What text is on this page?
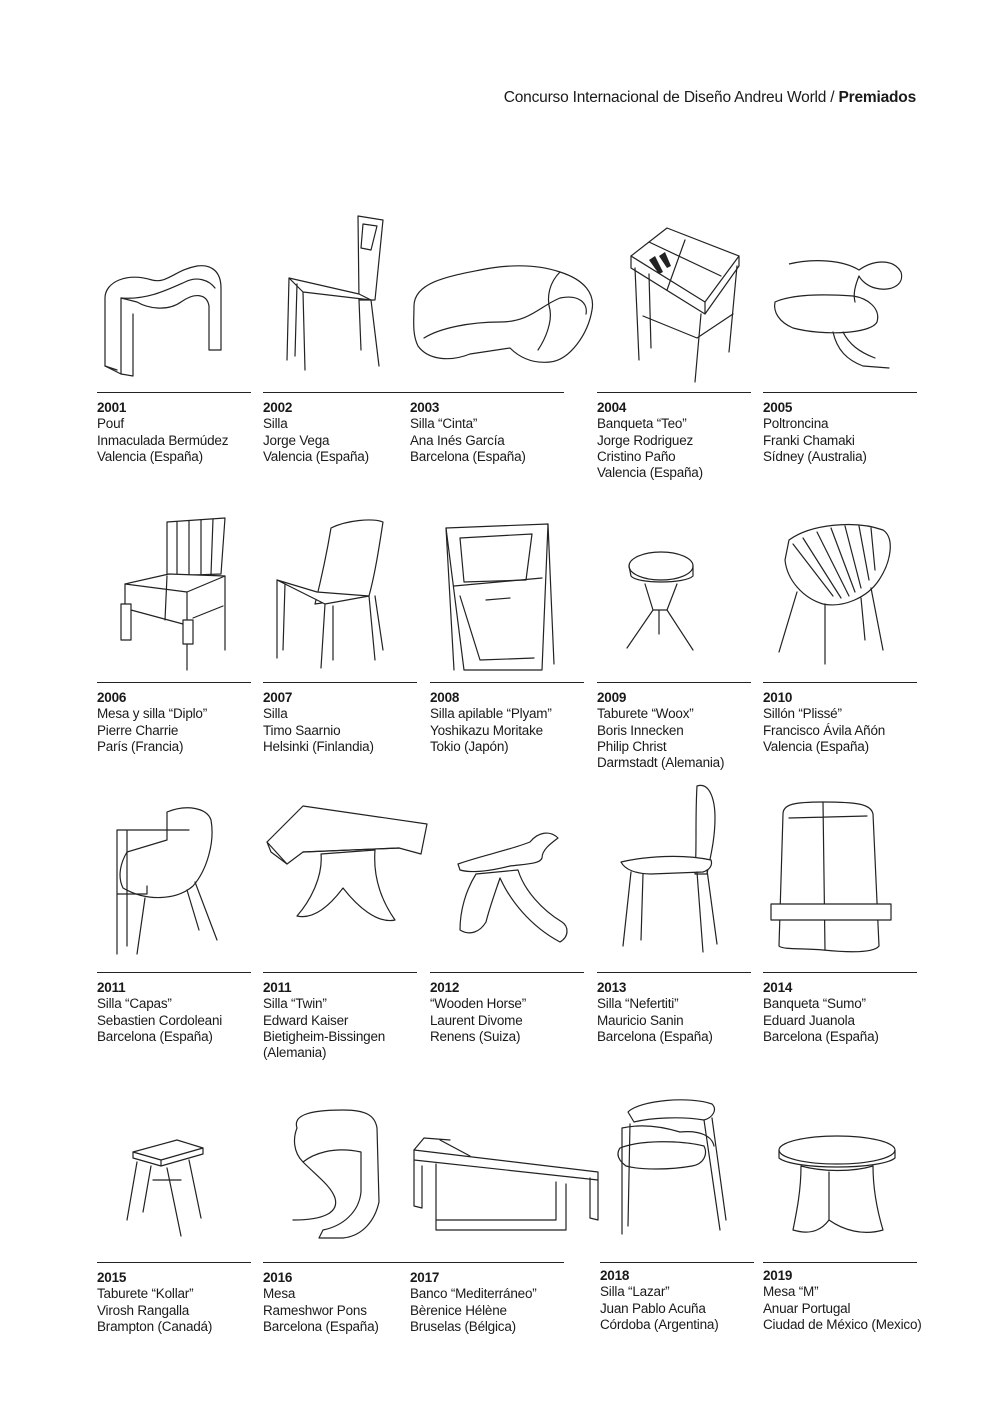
Concurso Internacional de Diseño Andreu World / Premiados
2001
Pouf
Inmaculada Bermúdez
Valencia (España)
2002
Silla
Jorge Vega
Valencia (España)
2003
Silla “Cinta”
Ana Inés García
Barcelona (España)
2004
Banqueta “Teo”
Jorge Rodriguez
Cristino Paño
Valencia (España)
2005
Poltroncina
Franki Chamaki
Sídney (Australia)
2006
Mesa y silla “Diplo”
Pierre Charrie
París (Francia)
2007
Silla
Timo Saarnio
Helsinki (Finlandia)
2008
Silla apilable “Plyam”
Yoshikazu Moritake
Tokio (Japón)
2009
Taburete “Woox”
Boris Innecken
Philip Christ
Darmstadt (Alemania)
2010
Sillón “Plissé”
Francisco Ávila Añón
Valencia (España)
2011
Silla “Capas”
Sebastien Cordoleani
Barcelona (España)
2011
Silla “Twin”
Edward Kaiser
Bietigheim-Bissingen
(Alemania)
2012
“Wooden Horse”
Laurent Divome
Renens (Suiza)
2013
Silla “Nefertiti”
Mauricio Sanin
Barcelona (España)
2014
Banqueta “Sumo”
Eduard Juanola
Barcelona (España)
2015
Taburete “Kollar”
Virosh Rangalla
Brampton (Canadá)
2016
Mesa
Rameshwor Pons
Barcelona (España)
2017
Banco “Mediterráneo”
Bèrenice Hélène
Bruselas (Bélgica)
2018
Silla “Lazar”
Juan Pablo Acuña
Córdoba (Argentina)
2019
Mesa “M”
Anuar Portugal
Ciudad de México (Mexico)
